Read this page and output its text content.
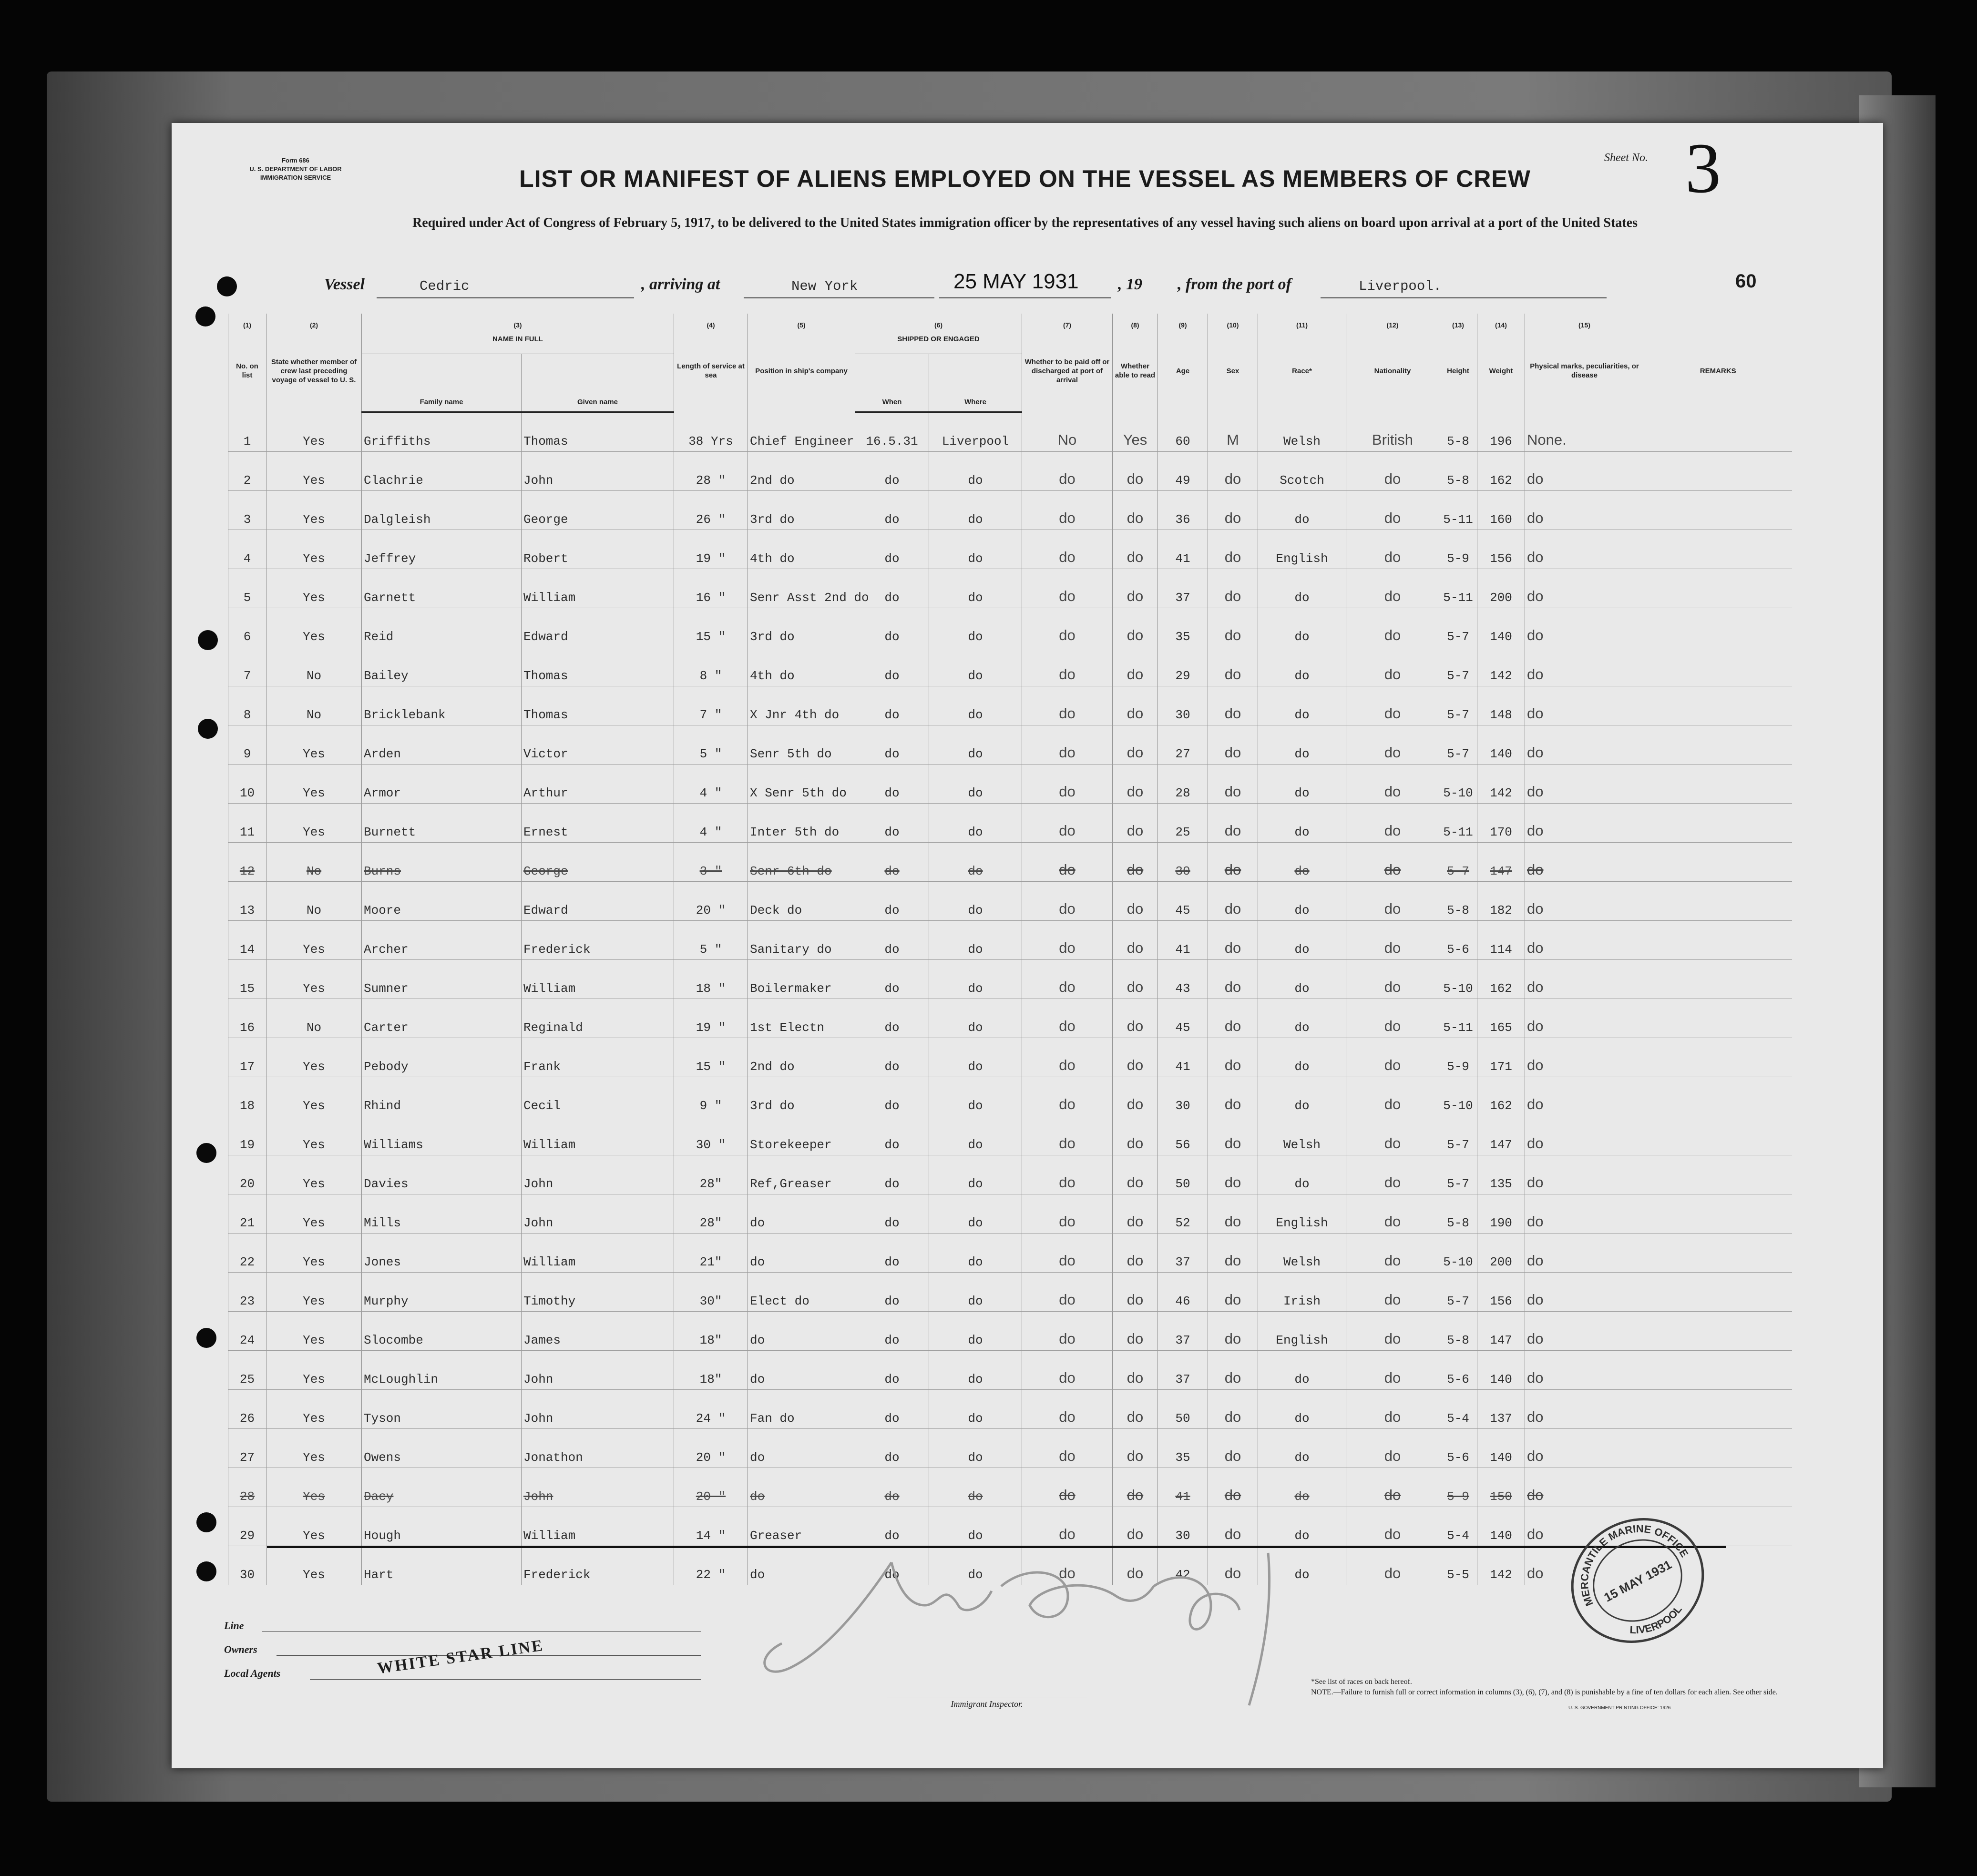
Form 686
U. S. DEPARTMENT OF LABOR
IMMIGRATION SERVICE	LIST OR MANIFEST OF ALIENS EMPLOYED ON THE VESSEL AS MEMBERS OF CREW
Required under Act of Congress of February 5, 1917, to be delivered to the United States immigration officer by the representatives of any vessel having such aliens on board upon arrival at a port of the United States
Sheet No. 3
Vessel	Cedric	, arriving at	New York	25 MAY 1931 , 19 , from the port of	Liverpool.	60
(1)	(2)	(3)		(4)	(5)	(6)		(7)	(8)	(9)	(10)	(11)	(12)	(13)	(14)	(15)	
No. on list	State whether member of crew last preceding voyage of vessel to U. S.	NAME IN FULL		Length of service at sea	Position in ship's company	SHIPPED OR ENGAGED		Whether to be paid off or discharged at port of arrival	Whether able to read	Age	Sex	Race*	Nationality	Height	Weight	Physical marks, peculiarities, or disease	REMARKS
		Family name	Given name			When	Where										
1	Yes	Griffiths	Thomas	38 Yrs	Chief Engineer	16.5.31	Liverpool	No	Yes	60	M	Welsh	British	5-8	196	None.	
2	Yes	Clachrie	John	28 "	2nd do	do	do	do	do	49	do	Scotch	do	5-8	162	do	
3	Yes	Dalgleish	George	26 "	3rd do	do	do	do	do	36	do	do	do	5-11	160	do	
4	Yes	Jeffrey	Robert	19 "	4th do	do	do	do	do	41	do	English	do	5-9	156	do	
5	Yes	Garnett	William	16 "	Senr Asst 2nd do	do	do	do	do	37	do	do	do	5-11	200	do	
6	Yes	Reid	Edward	15 "	3rd do	do	do	do	do	35	do	do	do	5-7	140	do	
7	No	Bailey	Thomas	8 "	4th do	do	do	do	do	29	do	do	do	5-7	142	do	
8	No	Bricklebank	Thomas	7 "	X Jnr 4th do	do	do	do	do	30	do	do	do	5-7	148	do	
9	Yes	Arden	Victor	5 "	Senr 5th do	do	do	do	do	27	do	do	do	5-7	140	do	
10	Yes	Armor	Arthur	4 "	X Senr 5th do	do	do	do	do	28	do	do	do	5-10	142	do	
11	Yes	Burnett	Ernest	4 "	Inter 5th do	do	do	do	do	25	do	do	do	5-11	170	do	
12	No	Burns	George	3 "	Senr 6th do	do	do	do	do	30	do	do	do	5-7	147	do	
13	No	Moore	Edward	20 "	Deck do	do	do	do	do	45	do	do	do	5-8	182	do	
14	Yes	Archer	Frederick	5 "	Sanitary do	do	do	do	do	41	do	do	do	5-6	114	do	
15	Yes	Sumner	William	18 "	Boilermaker	do	do	do	do	43	do	do	do	5-10	162	do	
16	No	Carter	Reginald	19 "	1st Electn	do	do	do	do	45	do	do	do	5-11	165	do	
17	Yes	Pebody	Frank	15 "	2nd do	do	do	do	do	41	do	do	do	5-9	171	do	
18	Yes	Rhind	Cecil	9 "	3rd do	do	do	do	do	30	do	do	do	5-10	162	do	
19	Yes	Williams	William	30 "	Storekeeper	do	do	do	do	56	do	Welsh	do	5-7	147	do	
20	Yes	Davies	John	28"	Ref,Greaser	do	do	do	do	50	do	do	do	5-7	135	do	
21	Yes	Mills	John	28"	do	do	do	do	do	52	do	English	do	5-8	190	do	
22	Yes	Jones	William	21"	do	do	do	do	do	37	do	Welsh	do	5-10	200	do	
23	Yes	Murphy	Timothy	30"	Elect do	do	do	do	do	46	do	Irish	do	5-7	156	do	
24	Yes	Slocombe	James	18"	do	do	do	do	do	37	do	English	do	5-8	147	do	
25	Yes	McLoughlin	John	18"	do	do	do	do	do	37	do	do	do	5-6	140	do	
26	Yes	Tyson	John	24 "	Fan do	do	do	do	do	50	do	do	do	5-4	137	do	
27	Yes	Owens	Jonathon	20 "	do	do	do	do	do	35	do	do	do	5-6	140	do	
28	Yes	Dacy	John	20 "	do	do	do	do	do	41	do	do	do	5-9	150	do	
29	Yes	Hough	William	14 "	Greaser	do	do	do	do	30	do	do	do	5-4	140	do	
30	Yes	Hart	Frederick	22 "	do	do	do	do	do	42	do	do	do	5-5	142	do	
Line
Owners
Local Agents	WHITE STAR LINE
J. McOlding
Immigrant Inspector.
*See list of races on back hereof.
NOTE.—Failure to furnish full or correct information in columns (3), (6), (7), and (8) is punishable by a fine of ten dollars for each alien. See other side.
U. S. GOVERNMENT PRINTING OFFICE: 1926
MERCANTILE MARINE OFFICE
15 MAY 1931
LIVERPOOL
